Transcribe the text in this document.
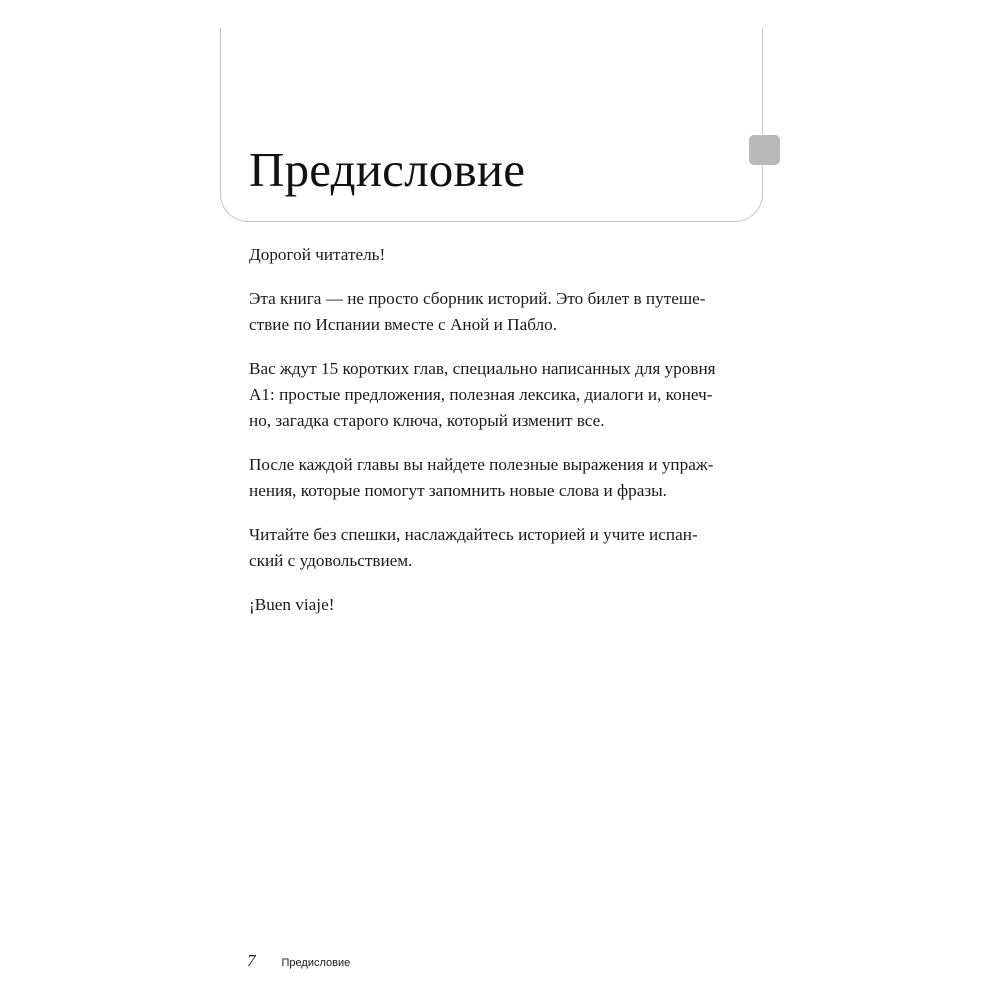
Предисловие

Дорогой читатель!

Эта книга — не просто сборник историй. Это билет в путеше-
ствие по Испании вместе с Аной и Пабло.

Вас ждут 15 коротких глав, специально написанных для уровня
A1: простые предложения, полезная лексика, диалоги и, конеч-
но, загадка старого ключа, который изменит все.

После каждой главы вы найдете полезные выражения и упраж-
нения, которые помогут запомнить новые слова и фразы.

Читайте без спешки, наслаждайтесь историей и учите испан-
ский с удовольствием.

¡Buen viaje!

7 Предисловие
